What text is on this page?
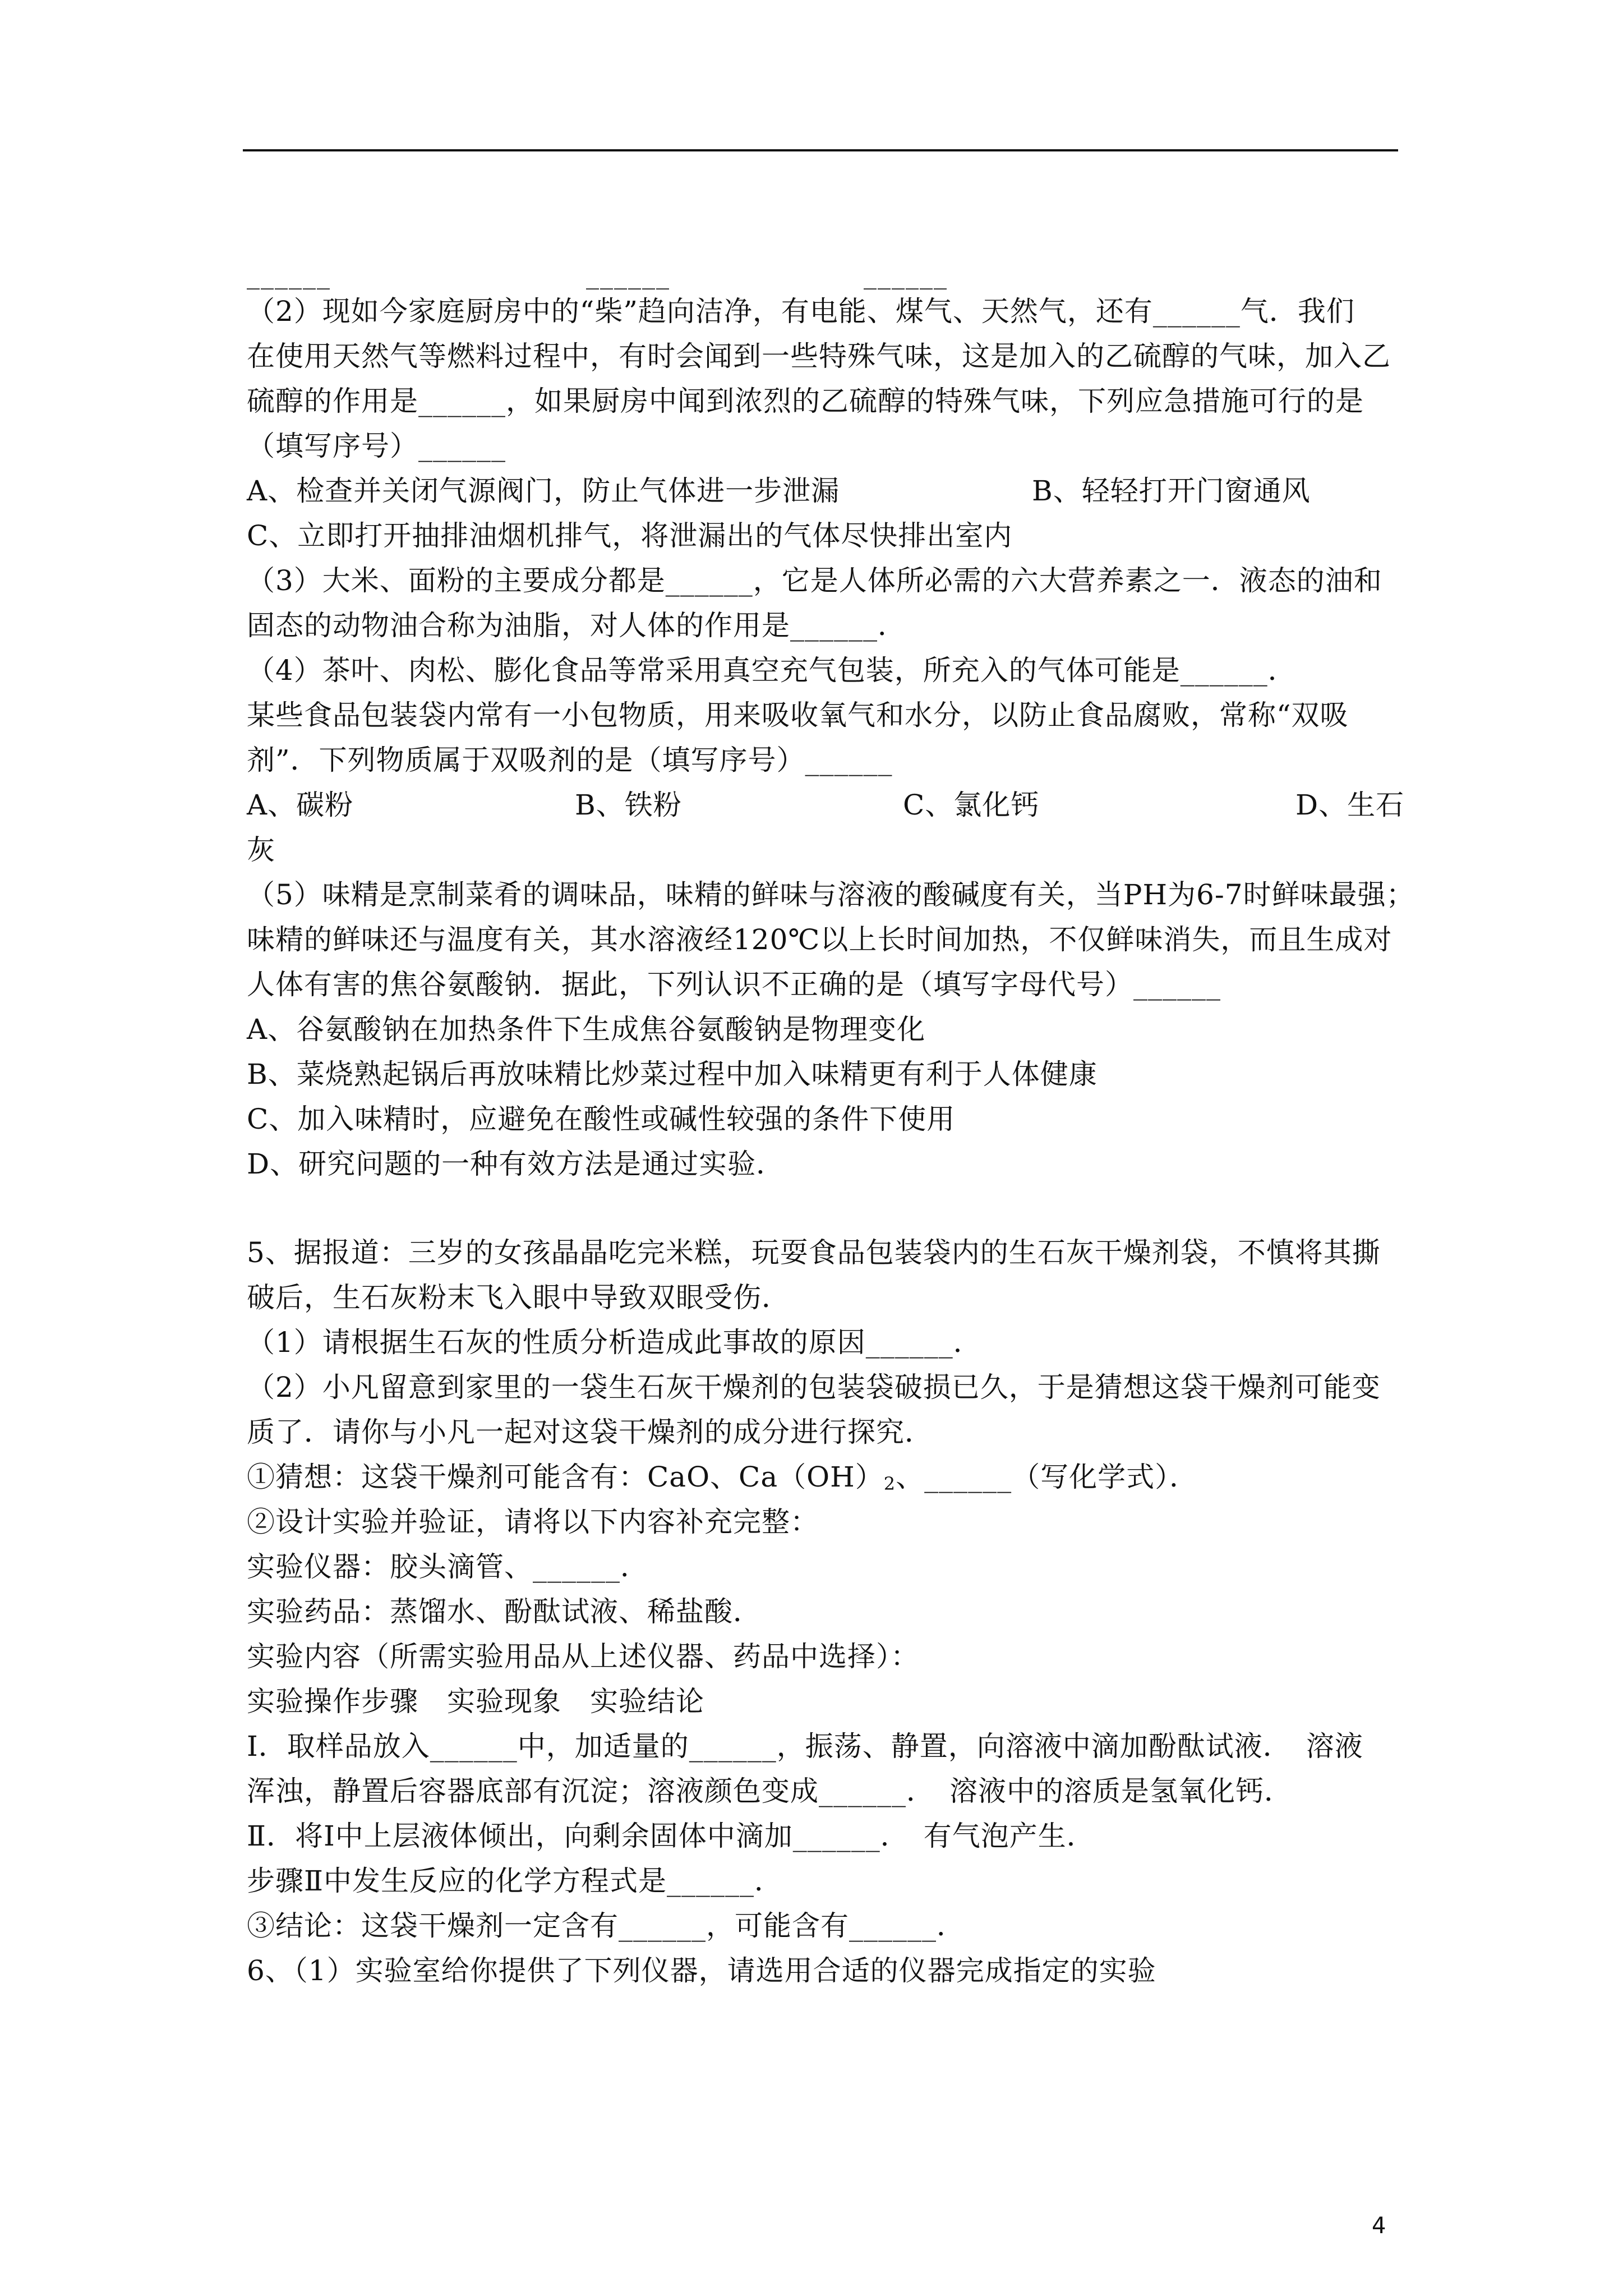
______	______	______
（2）现如今家庭厨房中的“柴”趋向洁净，有电能、煤气、天然气，还有______气．我们
在使用天然气等燃料过程中，有时会闻到一些特殊气味，这是加入的乙硫醇的气味，加入乙
硫醇的作用是______，如果厨房中闻到浓烈的乙硫醇的特殊气味，下列应急措施可行的是
（填写序号）______
A、检查并关闭气源阀门，防止气体进一步泄漏	B、轻轻打开门窗通风
C、立即打开抽排油烟机排气，将泄漏出的气体尽快排出室内
（3）大米、面粉的主要成分都是______，它是人体所必需的六大营养素之一．液态的油和
固态的动物油合称为油脂，对人体的作用是______．
（4）茶叶、肉松、膨化食品等常采用真空充气包装，所充入的气体可能是______．
某些食品包装袋内常有一小包物质，用来吸收氧气和水分，以防止食品腐败，常称“双吸
剂”．下列物质属于双吸剂的是（填写序号）______
A、碳粉	B、铁粉	C、氯化钙	D、生石
灰
（5）味精是烹制菜肴的调味品，味精的鲜味与溶液的酸碱度有关，当PH为6-7时鲜味最强；
味精的鲜味还与温度有关，其水溶液经120℃以上长时间加热，不仅鲜味消失，而且生成对
人体有害的焦谷氨酸钠．据此，下列认识不正确的是（填写字母代号）______
A、谷氨酸钠在加热条件下生成焦谷氨酸钠是物理变化
B、菜烧熟起锅后再放味精比炒菜过程中加入味精更有利于人体健康
C、加入味精时，应避免在酸性或碱性较强的条件下使用
D、研究问题的一种有效方法是通过实验．
5、据报道：三岁的女孩晶晶吃完米糕，玩耍食品包装袋内的生石灰干燥剂袋，不慎将其撕
破后，生石灰粉末飞入眼中导致双眼受伤．
（1）请根据生石灰的性质分析造成此事故的原因______．
（2）小凡留意到家里的一袋生石灰干燥剂的包装袋破损已久，于是猜想这袋干燥剂可能变
质了．请你与小凡一起对这袋干燥剂的成分进行探究．
①猜想：这袋干燥剂可能含有：CaO、$Ca(OH)_2$、______（写化学式）．
②设计实验并验证，请将以下内容补充完整：
实验仪器：胶头滴管、______．
实验药品：蒸馏水、酚酞试液、稀盐酸．
实验内容（所需实验用品从上述仪器、药品中选择）：
实验操作步骤　实验现象　实验结论
Ⅰ．取样品放入______中，加适量的______，振荡、静置，向溶液中滴加酚酞试液．　溶液
浑浊，静置后容器底部有沉淀；溶液颜色变成______．　溶液中的溶质是氢氧化钙．
Ⅱ．将Ⅰ中上层液体倾出，向剩余固体中滴加______．　有气泡产生．
步骤Ⅱ中发生反应的化学方程式是______．
③结论：这袋干燥剂一定含有______，可能含有______．
6、（1）实验室给你提供了下列仪器，请选用合适的仪器完成指定的实验
4
